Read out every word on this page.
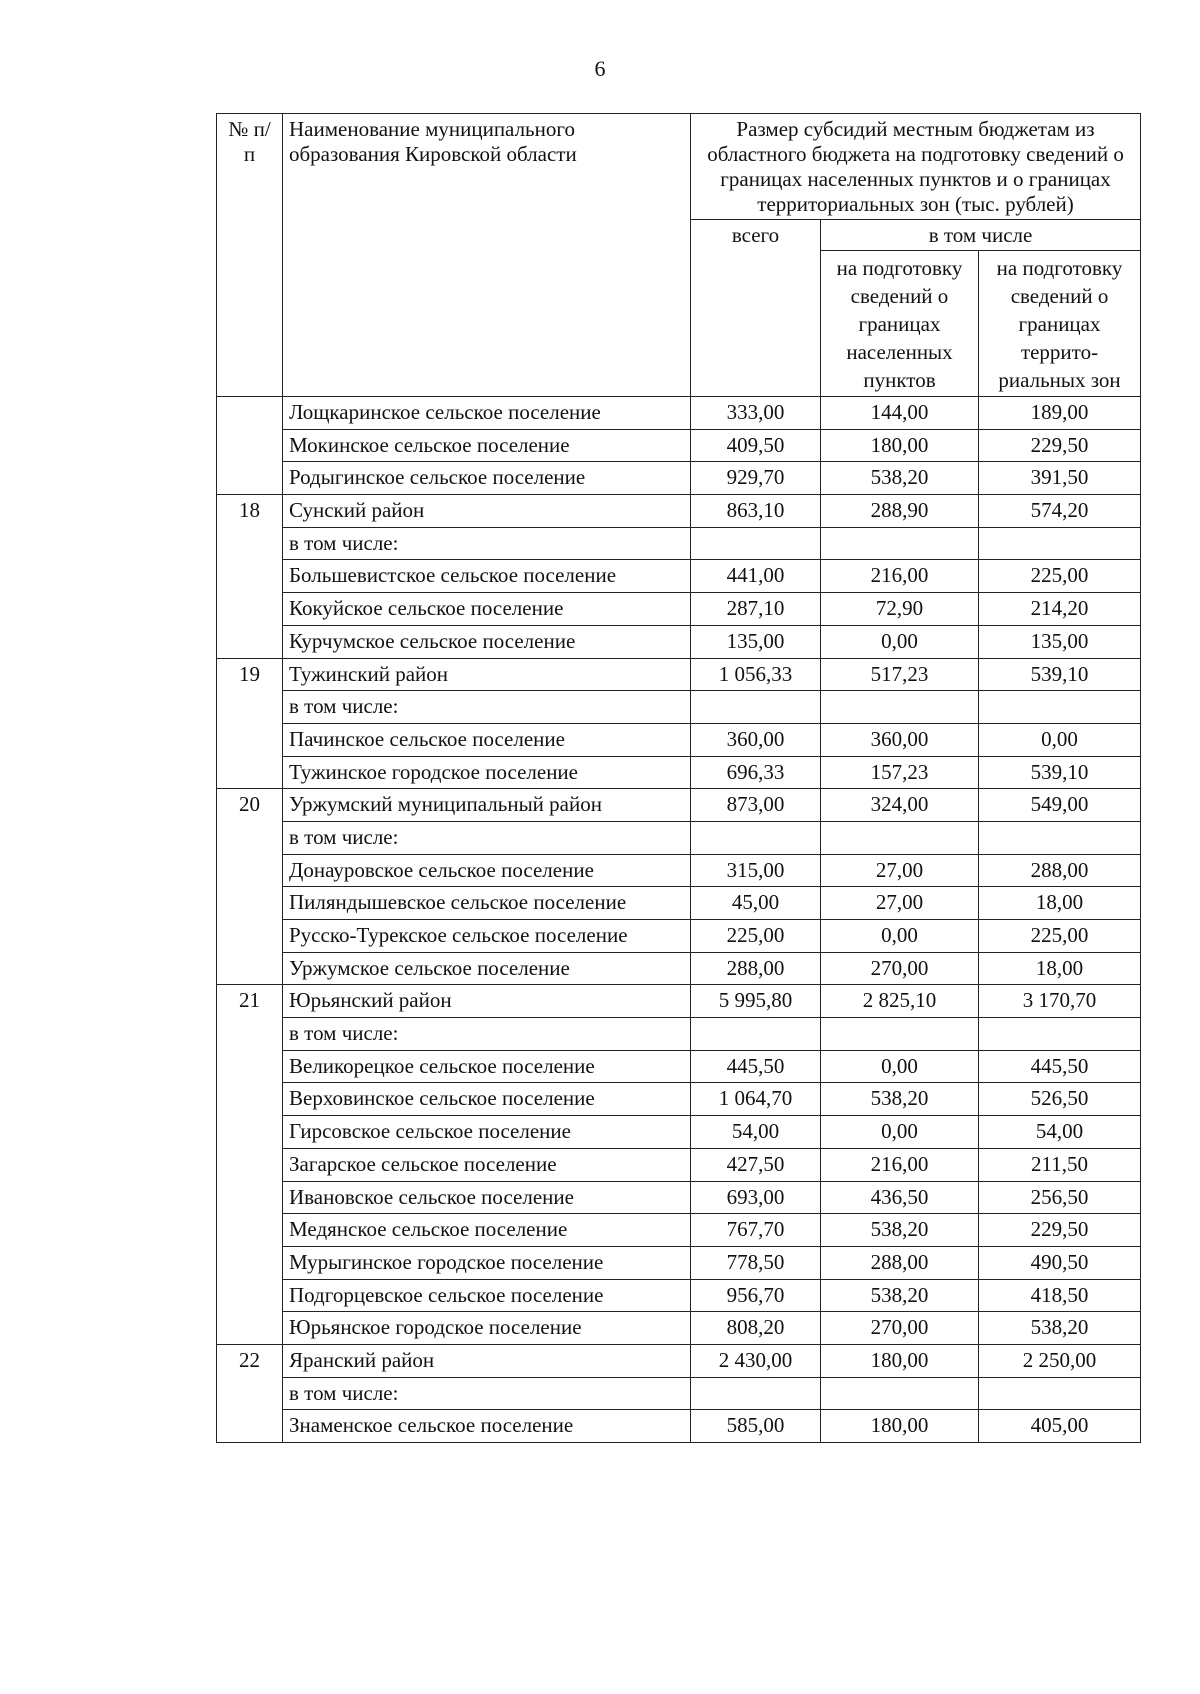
6
№ п/п	Наименование муниципального образования Кировской области	Размер субсидий местным бюджетам из областного бюджета на подготовку сведений о границах населенных пунктов и о границах территориальных зон (тыс. рублей)		
		всего	в том числе	
			на подготовку сведений о границах населенных пунктов	на подготовку сведений о границах террито-риальных зон
	Лощкаринское сельское поселение	333,00	144,00	189,00
	Мокинское сельское поселение	409,50	180,00	229,50
	Родыгинское сельское поселение	929,70	538,20	391,50
18	Сунский район	863,10	288,90	574,20
	в том числе:			
	Большевистское сельское поселение	441,00	216,00	225,00
	Кокуйское сельское поселение	287,10	72,90	214,20
	Курчумское сельское поселение	135,00	0,00	135,00
19	Тужинский район	1 056,33	517,23	539,10
	в том числе:			
	Пачинское сельское поселение	360,00	360,00	0,00
	Тужинское городское поселение	696,33	157,23	539,10
20	Уржумский муниципальный район	873,00	324,00	549,00
	в том числе:			
	Донауровское сельское поселение	315,00	27,00	288,00
	Пиляндышевское сельское поселение	45,00	27,00	18,00
	Русско-Турекское сельское поселение	225,00	0,00	225,00
	Уржумское сельское поселение	288,00	270,00	18,00
21	Юрьянский район	5 995,80	2 825,10	3 170,70
	в том числе:			
	Великорецкое сельское поселение	445,50	0,00	445,50
	Верховинское сельское поселение	1 064,70	538,20	526,50
	Гирсовское сельское поселение	54,00	0,00	54,00
	Загарское сельское поселение	427,50	216,00	211,50
	Ивановское сельское поселение	693,00	436,50	256,50
	Медянское сельское поселение	767,70	538,20	229,50
	Мурыгинское городское поселение	778,50	288,00	490,50
	Подгорцевское сельское поселение	956,70	538,20	418,50
	Юрьянское городское поселение	808,20	270,00	538,20
22	Яранский район	2 430,00	180,00	2 250,00
	в том числе:			
	Знаменское сельское поселение	585,00	180,00	405,00
